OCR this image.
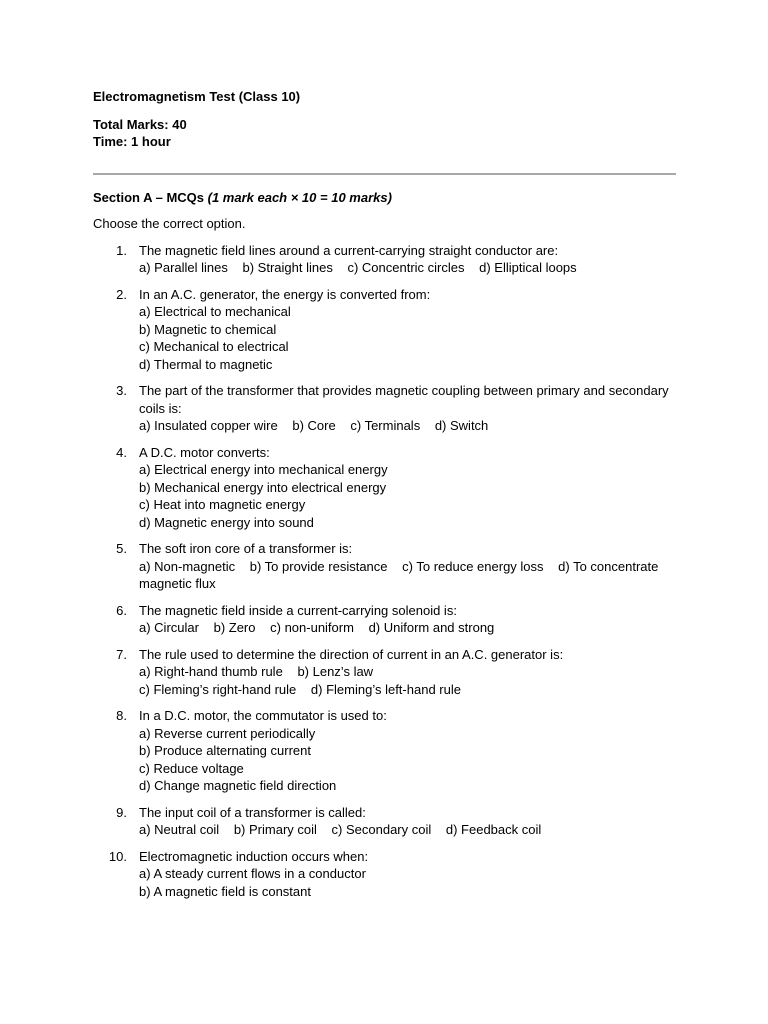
Electromagnetism Test (Class 10)

Total Marks: 40

Time: 1 hour

Section A – MCQs (1 mark each × 10 = 10 marks)

Choose the correct option.

1. The magnetic field lines around a current-carrying straight conductor are:
a) Parallel lines b) Straight lines c) Concentric circles d) Elliptical loops
2. In an A.C. generator, the energy is converted from:
a) Electrical to mechanical
b) Magnetic to chemical
c) Mechanical to electrical
d) Thermal to magnetic
3. The part of the transformer that provides magnetic coupling between primary and secondary coils is:
a) Insulated copper wire b) Core c) Terminals d) Switch
4. A D.C. motor converts:
a) Electrical energy into mechanical energy
b) Mechanical energy into electrical energy
c) Heat into magnetic energy
d) Magnetic energy into sound
5. The soft iron core of a transformer is:
a) Non-magnetic b) To provide resistance c) To reduce energy loss d) To concentrate magnetic flux
6. The magnetic field inside a current-carrying solenoid is:
a) Circular b) Zero c) non-uniform d) Uniform and strong
7. The rule used to determine the direction of current in an A.C. generator is:
a) Right-hand thumb rule b) Lenz’s law
c) Fleming’s right-hand rule d) Fleming’s left-hand rule
8. In a D.C. motor, the commutator is used to:
a) Reverse current periodically
b) Produce alternating current
c) Reduce voltage
d) Change magnetic field direction
9. The input coil of a transformer is called:
a) Neutral coil b) Primary coil c) Secondary coil d) Feedback coil
10. Electromagnetic induction occurs when:
a) A steady current flows in a conductor
b) A magnetic field is constant
